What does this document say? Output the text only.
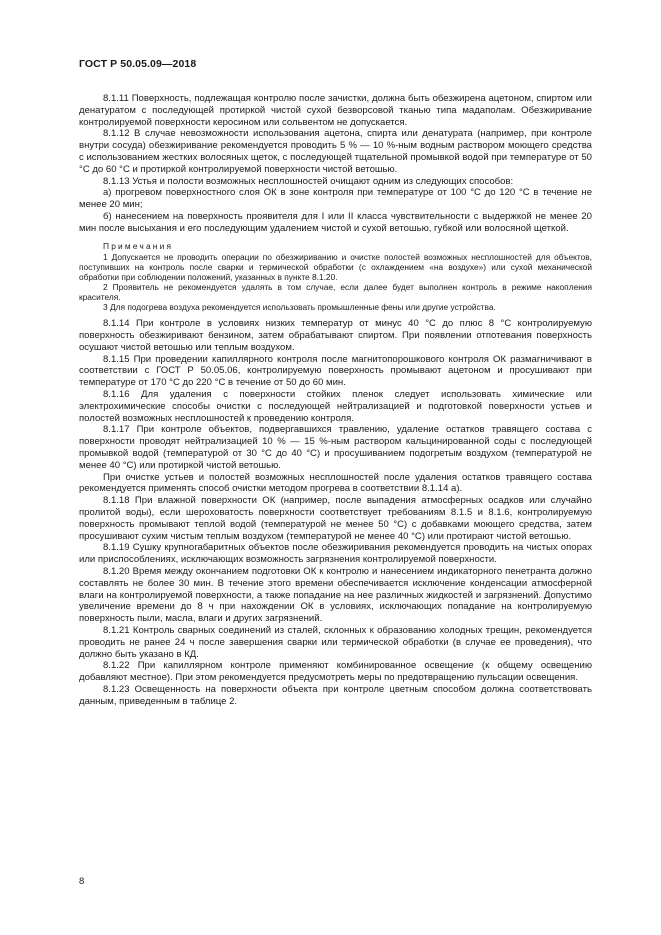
ГОСТ Р 50.05.09—2018

8.1.11 Поверхность, подлежащая контролю после зачистки, должна быть обезжирена ацетоном, спиртом или денатуратом с последующей протиркой чистой сухой безворсовой тканью типа мадаполам. Обезжиривание контролируемой поверхности керосином или сольвентом не допускается.

8.1.12 В случае невозможности использования ацетона, спирта или денатурата (например, при контроле внутри сосуда) обезжиривание рекомендуется проводить 5 % — 10 %-ным водным раствором моющего средства с использованием жестких волосяных щеток, с последующей тщательной промывкой водой при температуре от 50 °С до 60 °С и протиркой контролируемой поверхности чистой ветошью.

8.1.13 Устья и полости возможных несплошностей очищают одним из следующих способов:

а) прогревом поверхностного слоя ОК в зоне контроля при температуре от 100 °С до 120 °С в течение не менее 20 мин;

б) нанесением на поверхность проявителя для I или II класса чувствительности с выдержкой не менее 20 мин после высыхания и его последующим удалением чистой и сухой ветошью, губкой или волосяной щеткой.

Примечания

1 Допускается не проводить операции по обезжириванию и очистке полостей возможных несплошностей для объектов, поступивших на контроль после сварки и термической обработки (с охлаждением «на воздухе») или сухой механической обработки при соблюдении положений, указанных в пункте 8.1.20.

2 Проявитель не рекомендуется удалять в том случае, если далее будет выполнен контроль в режиме накопления красителя.

3 Для подогрева воздуха рекомендуется использовать промышленные фены или другие устройства.

8.1.14 При контроле в условиях низких температур от минус 40 °С до плюс 8 °С контролируемую поверхность обезжиривают бензином, затем обрабатывают спиртом. При появлении отпотевания поверхность осушают чистой ветошью или теплым воздухом.

8.1.15 При проведении капиллярного контроля после магнитопорошкового контроля ОК размагничивают в соответствии с ГОСТ Р 50.05.06, контролируемую поверхность промывают ацетоном и просушивают при температуре от 170 °С до 220 °С в течение от 50 до 60 мин.

8.1.16 Для удаления с поверхности стойких пленок следует использовать химические или электрохимические способы очистки с последующей нейтрализацией и подготовкой поверхности устьев и полостей возможных несплошностей к проведению контроля.

8.1.17 При контроле объектов, подвергавшихся травлению, удаление остатков травящего состава с поверхности проводят нейтрализацией 10 % — 15 %-ным раствором кальцинированной соды с последующей промывкой водой (температурой от 30 °С до 40 °С) и просушиванием подогретым воздухом (температурой не менее 40 °С) или протиркой чистой ветошью.

При очистке устьев и полостей возможных несплошностей после удаления остатков травящего состава рекомендуется применять способ очистки методом прогрева в соответствии 8.1.14 а).

8.1.18 При влажной поверхности ОК (например, после выпадения атмосферных осадков или случайно пролитой воды), если шероховатость поверхности соответствует требованиям 8.1.5 и 8.1.6, контролируемую поверхность промывают теплой водой (температурой не менее 50 °С) с добавками моющего средства, затем просушивают сухим чистым теплым воздухом (температурой не менее 40 °С) или протирают чистой ветошью.

8.1.19 Сушку крупногабаритных объектов после обезжиривания рекомендуется проводить на чистых опорах или приспособлениях, исключающих возможность загрязнения контролируемой поверхности.

8.1.20 Время между окончанием подготовки ОК к контролю и нанесением индикаторного пенетранта должно составлять не более 30 мин. В течение этого времени обеспечивается исключение конденсации атмосферной влаги на контролируемой поверхности, а также попадание на нее различных жидкостей и загрязнений. Допустимо увеличение времени до 8 ч при нахождении ОК в условиях, исключающих попадание на контролируемую поверхность пыли, масла, влаги и других загрязнений.

8.1.21 Контроль сварных соединений из сталей, склонных к образованию холодных трещин, рекомендуется проводить не ранее 24 ч после завершения сварки или термической обработки (в случае ее проведения), что должно быть указано в КД.

8.1.22 При капиллярном контроле применяют комбинированное освещение (к общему освещению добавляют местное). При этом рекомендуется предусмотреть меры по предотвращению пульсации освещения.

8.1.23 Освещенность на поверхности объекта при контроле цветным способом должна соответствовать данным, приведенным в таблице 2.

8
